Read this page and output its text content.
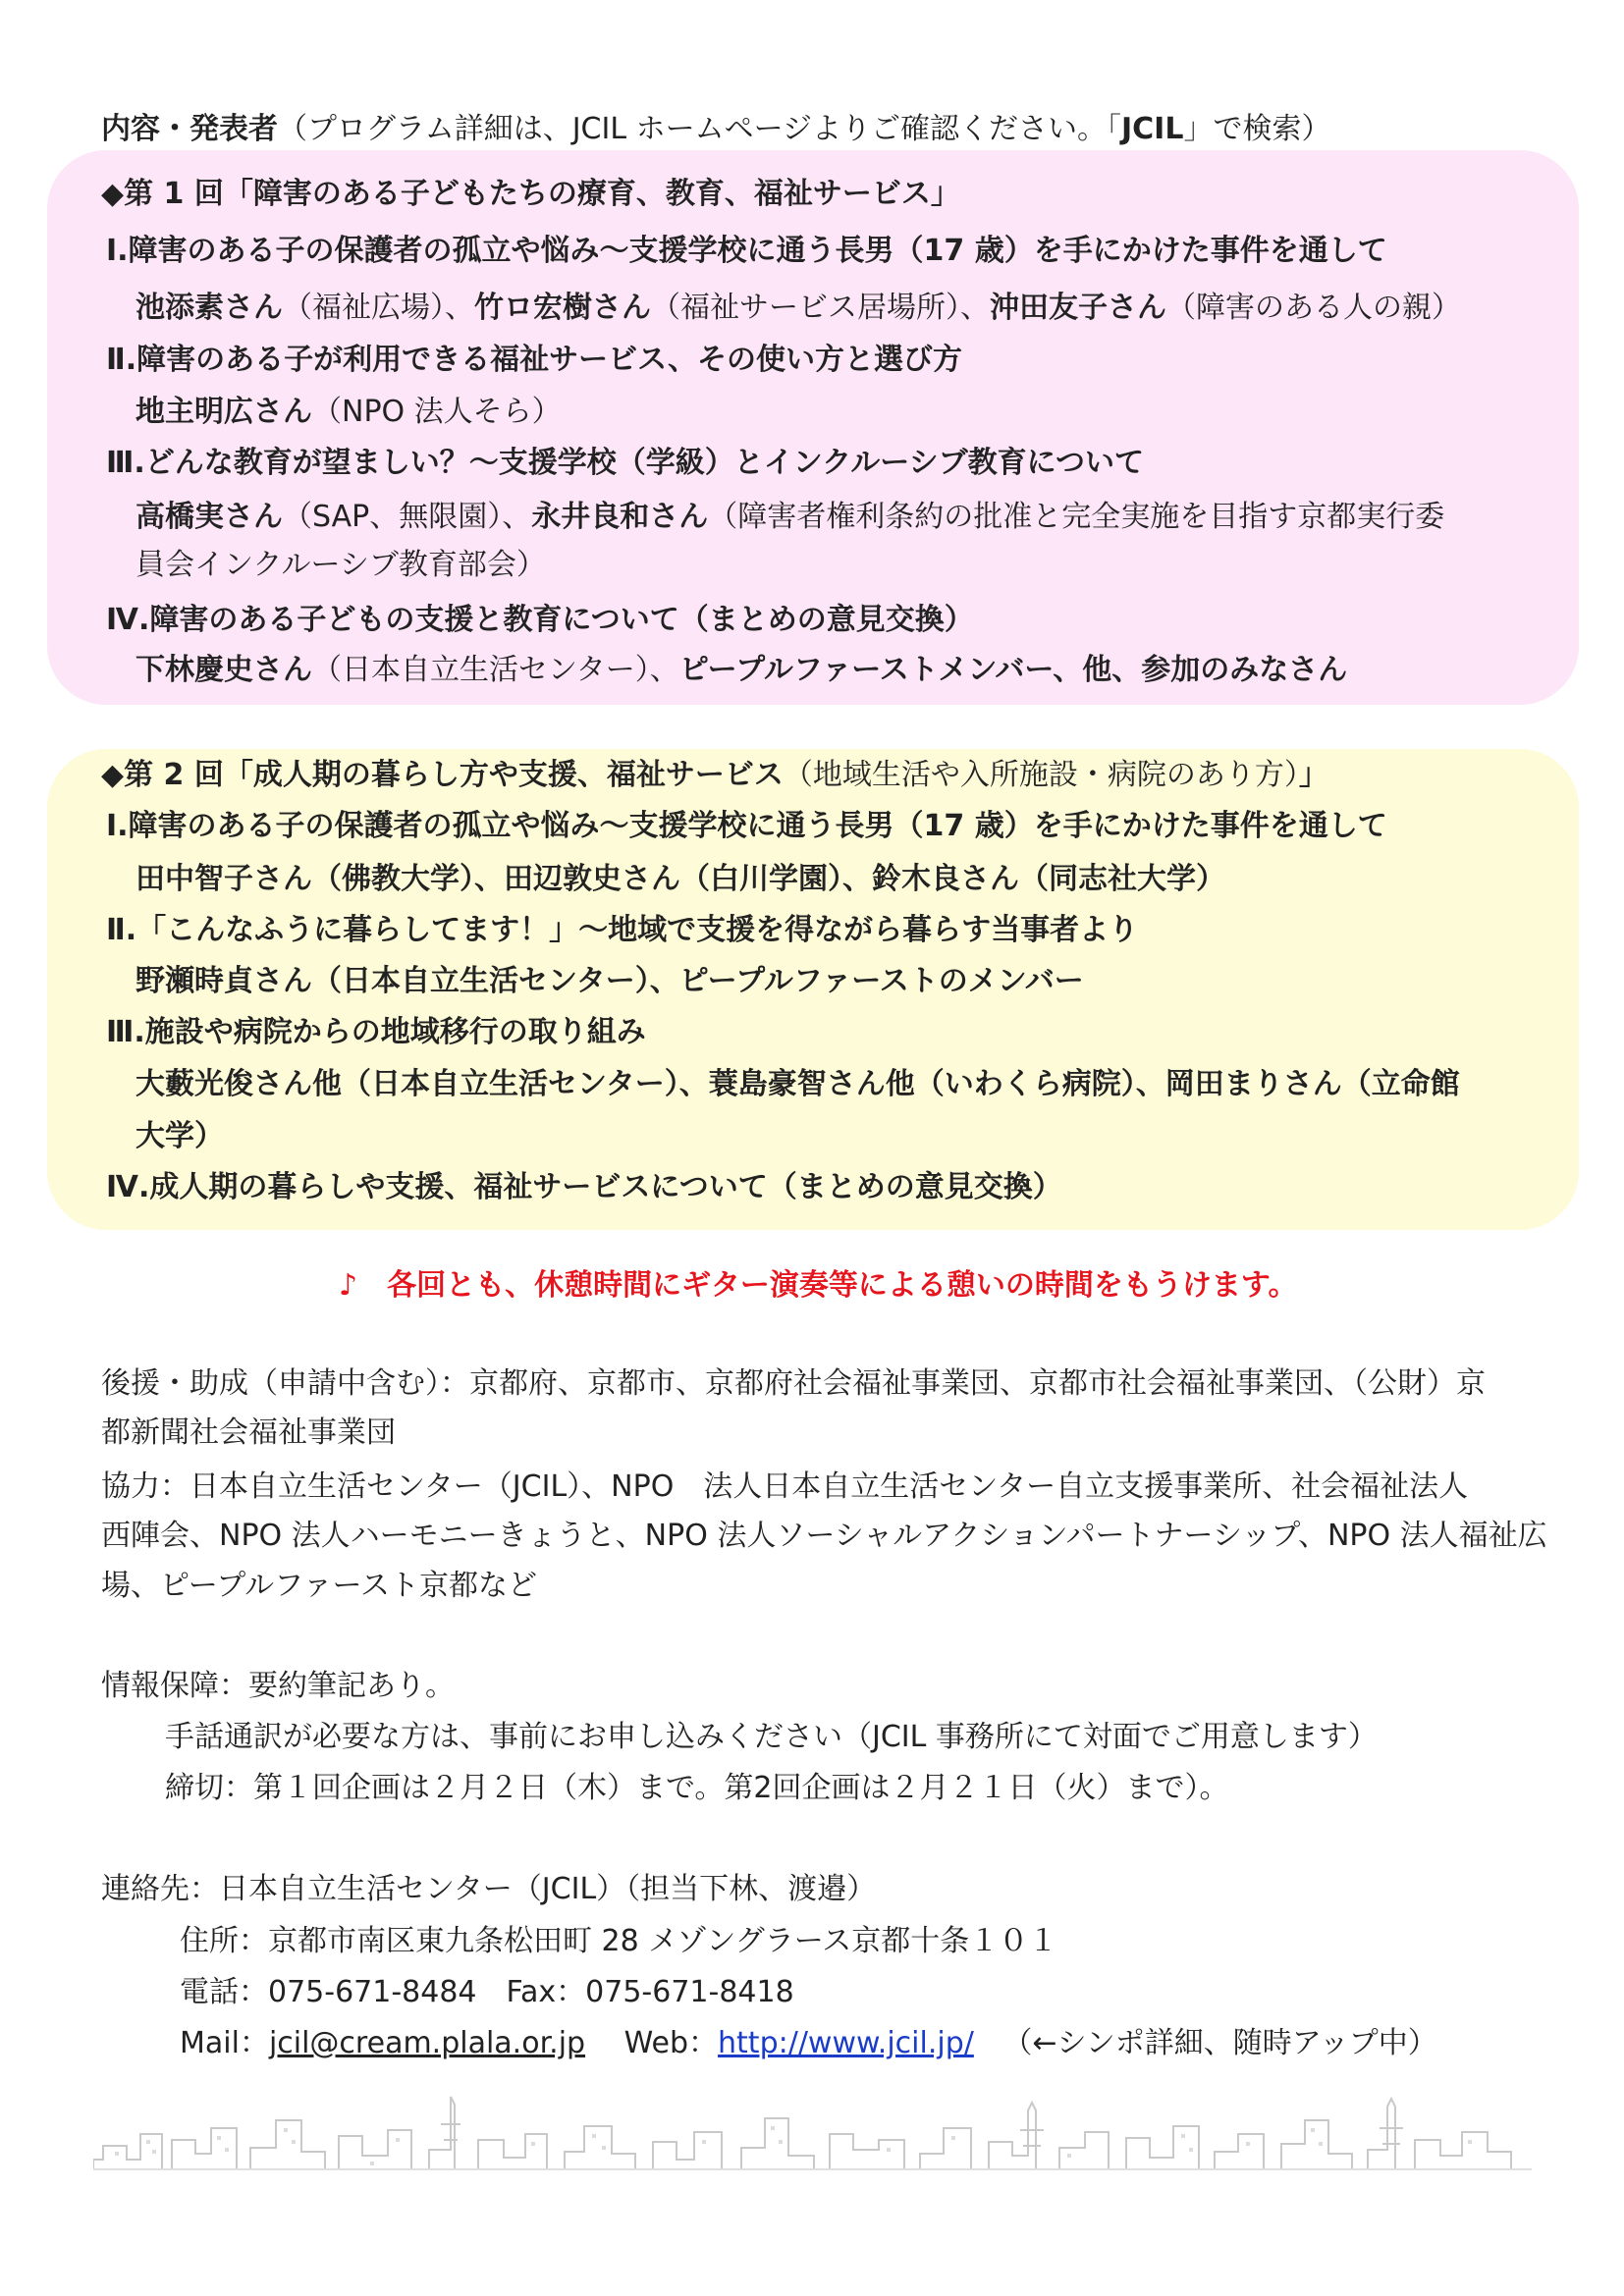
内容・発表者（プログラム詳細は、JCIL ホームページよりご確認ください。「JCIL」で検索）
◆第 1 回「障害のある子どもたちの療育、教育、福祉サービス」
Ⅰ.障害のある子の保護者の孤立や悩み～支援学校に通う長男（17 歳）を手にかけた事件を通して
池添素さん（福祉広場）、竹ロ宏樹さん（福祉サービス居場所）、沖田友子さん（障害のある人の親）
Ⅱ.障害のある子が利用できる福祉サービス、その使い方と選び方
地主明広さん（NPO 法人そら）
Ⅲ.どんな教育が望ましい？～支援学校（学級）とインクルーシブ教育について
高橋実さん（SAP、無限園）、永井良和さん（障害者権利条約の批准と完全実施を目指す京都実行委
員会インクルーシブ教育部会）
Ⅳ.障害のある子どもの支援と教育について（まとめの意見交換）
下林慶史さん（日本自立生活センター）、ピープルファーストメンバー、他、参加のみなさん
◆第 2 回「成人期の暮らし方や支援、福祉サービス（地域生活や入所施設・病院のあり方）」
Ⅰ.障害のある子の保護者の孤立や悩み～支援学校に通う長男（17 歳）を手にかけた事件を通して
田中智子さん（佛教大学）、田辺敦史さん（白川学園）、鈴木良さん（同志社大学）
Ⅱ.「こんなふうに暮らしてます！」～地域で支援を得ながら暮らす当事者より
野瀬時貞さん（日本自立生活センター）、ピープルファーストのメンバー
Ⅲ.施設や病院からの地域移行の取り組み
大藪光俊さん他（日本自立生活センター）、蓑島豪智さん他（いわくら病院）、岡田まりさん（立命館
大学）
Ⅳ.成人期の暮らしや支援、福祉サービスについて（まとめの意見交換）
♪　各回とも、休憩時間にギター演奏等による憩いの時間をもうけます。
後援・助成（申請中含む）：京都府、京都市、京都府社会福祉事業団、京都市社会福祉事業団、（公財）京
都新聞社会福祉事業団
協力：日本自立生活センター（JCIL）、NPO　法人日本自立生活センター自立支援事業所、社会福祉法人
西陣会、NPO 法人ハーモニーきょうと、NPO 法人ソーシャルアクションパートナーシップ、NPO 法人福祉広
場、ピープルファースト京都など
情報保障：要約筆記あり。
手話通訳が必要な方は、事前にお申し込みください（JCIL 事務所にて対面でご用意します）
締切：第１回企画は２月２日（木）まで。第2回企画は２月２１日（火）まで）。
連絡先：日本自立生活センター（JCIL）（担当下林、渡邉）
住所：京都市南区東九条松田町 28 メゾングラース京都十条１０１
電話：075-671-8484　Fax：075-671-8418
Mail：jcil@cream.plala.or.jp Web：http://www.jcil.jp/ （←シンポ詳細、随時アップ中）
